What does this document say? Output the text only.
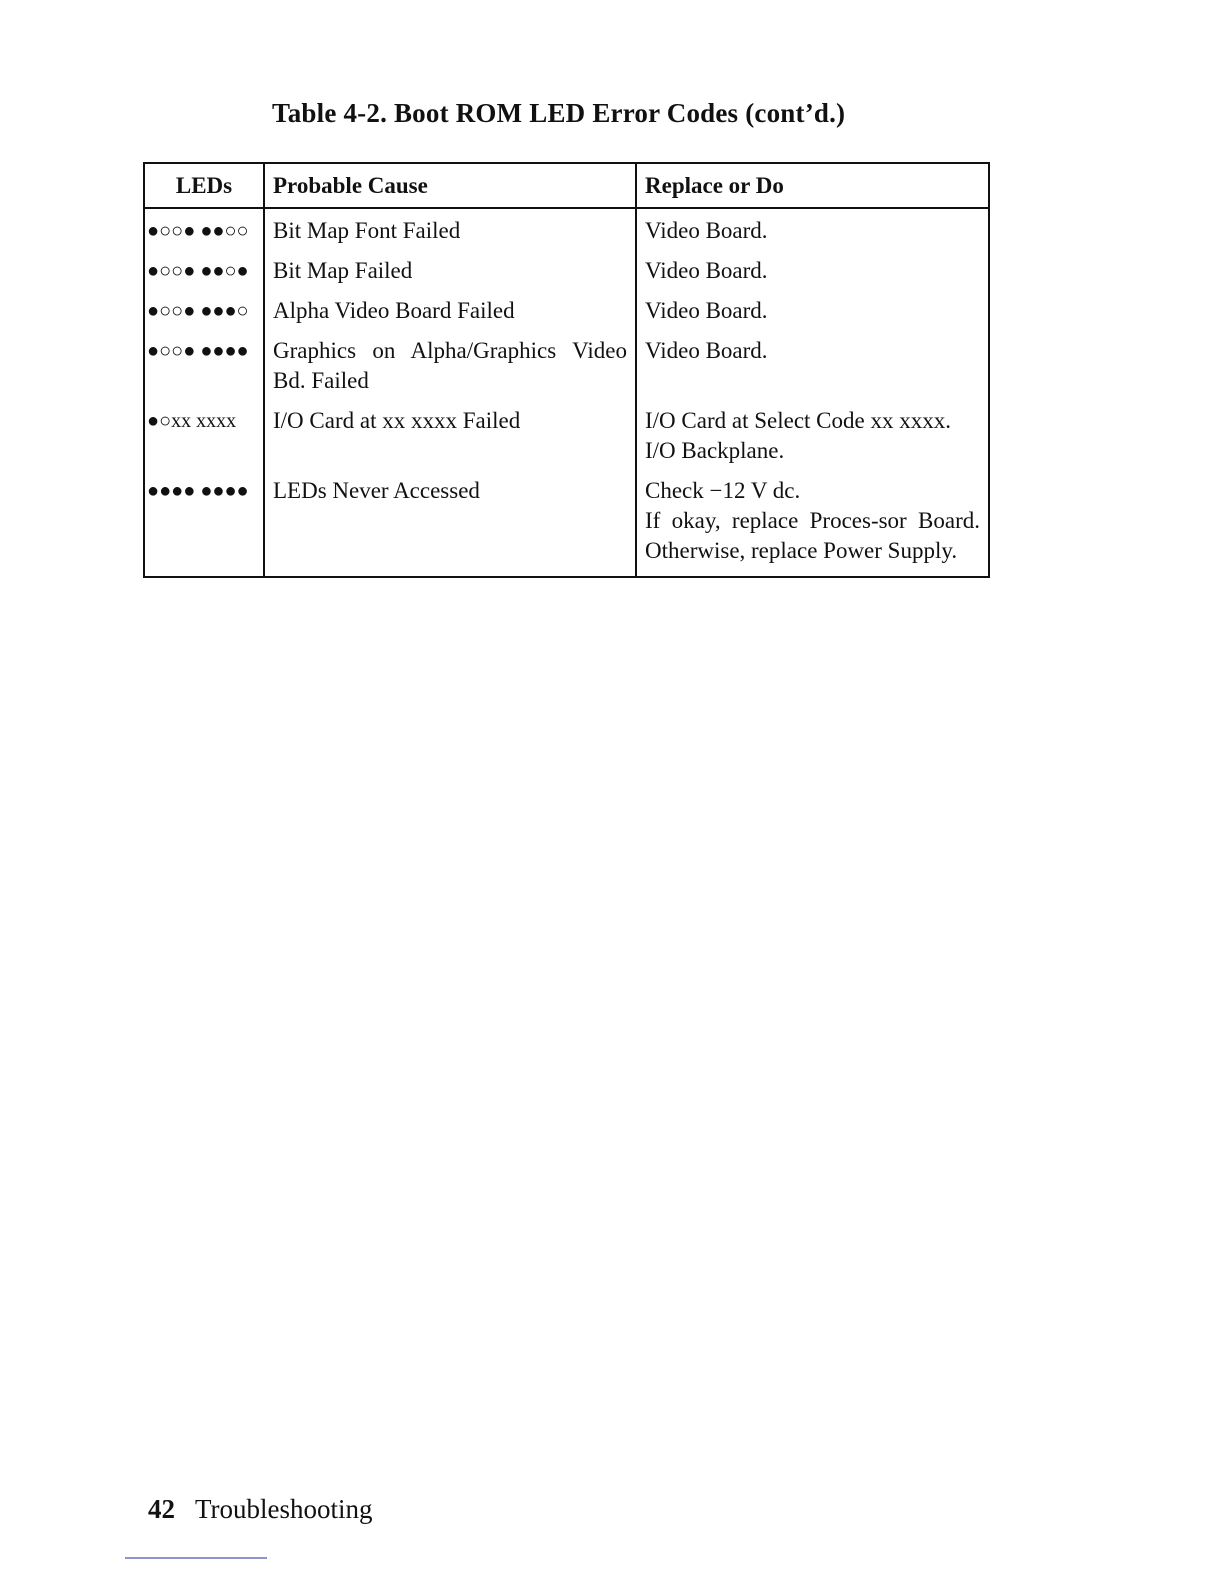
Table 4-2. Boot ROM LED Error Codes (cont’d.)
LEDs	Probable Cause	Replace or Do
●○○● ●●○○	Bit Map Font Failed	Video Board.

●○○● ●●○●	Bit Map Failed	Video Board.

●○○● ●●●○	Alpha Video Board Failed	Video Board.

●○○● ●●●●	Graphics on Alpha/Graphics Video Bd. Failed	Video Board.

●○xx xxxx	I/O Card at xx xxxx Failed	I/O Card at Select Code xx xxxx.
I/O Backplane.

●●●● ●●●●	LEDs Never Accessed	Check −12 V dc.
If okay, replace Proces-sor Board. Otherwise, replace Power Supply.
42 Troubleshooting
